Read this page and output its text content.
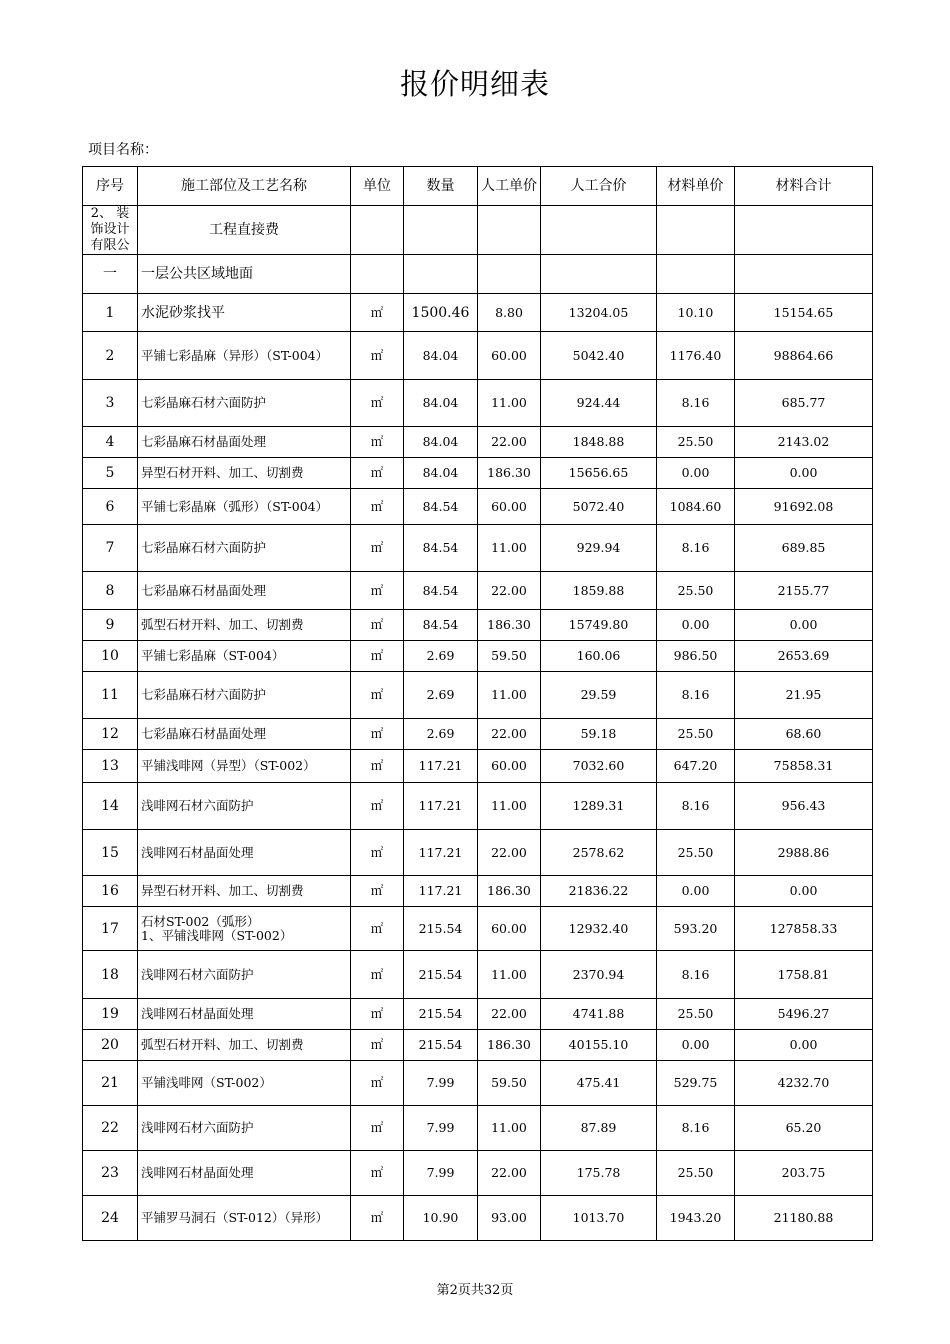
报价明细表
项目名称：
序号	施工部位及工艺名称	单位	数量	人工单价	人工合价	材料单价	材料合计
2、 装饰设计有限公	工程直接费						
一	一层公共区域地面						
1	水泥砂浆找平	㎡	1500.46	8.80	13204.05	10.10	15154.65
2	平铺七彩晶麻（异形）（ST-004）	㎡	84.04	60.00	5042.40	1176.40	98864.66
3	七彩晶麻石材六面防护	㎡	84.04	11.00	924.44	8.16	685.77
4	七彩晶麻石材晶面处理	㎡	84.04	22.00	1848.88	25.50	2143.02
5	异型石材开料、加工、切割费	㎡	84.04	186.30	15656.65	0.00	0.00
6	平铺七彩晶麻（弧形）（ST-004）	㎡	84.54	60.00	5072.40	1084.60	91692.08
7	七彩晶麻石材六面防护	㎡	84.54	11.00	929.94	8.16	689.85
8	七彩晶麻石材晶面处理	㎡	84.54	22.00	1859.88	25.50	2155.77
9	弧型石材开料、加工、切割费	㎡	84.54	186.30	15749.80	0.00	0.00
10	平铺七彩晶麻（ST-004）	㎡	2.69	59.50	160.06	986.50	2653.69
11	七彩晶麻石材六面防护	㎡	2.69	11.00	29.59	8.16	21.95
12	七彩晶麻石材晶面处理	㎡	2.69	22.00	59.18	25.50	68.60
13	平铺浅啡网（异型）（ST-002）	㎡	117.21	60.00	7032.60	647.20	75858.31
14	浅啡网石材六面防护	㎡	117.21	11.00	1289.31	8.16	956.43
15	浅啡网石材晶面处理	㎡	117.21	22.00	2578.62	25.50	2988.86
16	异型石材开料、加工、切割费	㎡	117.21	186.30	21836.22	0.00	0.00
17	石材ST-002（弧形）
1、平铺浅啡网（ST-002）	㎡	215.54	60.00	12932.40	593.20	127858.33
18	浅啡网石材六面防护	㎡	215.54	11.00	2370.94	8.16	1758.81
19	浅啡网石材晶面处理	㎡	215.54	22.00	4741.88	25.50	5496.27
20	弧型石材开料、加工、切割费	㎡	215.54	186.30	40155.10	0.00	0.00
21	平铺浅啡网（ST-002）	㎡	7.99	59.50	475.41	529.75	4232.70
22	浅啡网石材六面防护	㎡	7.99	11.00	87.89	8.16	65.20
23	浅啡网石材晶面处理	㎡	7.99	22.00	175.78	25.50	203.75
24	平铺罗马洞石（ST-012）（异形）	㎡	10.90	93.00	1013.70	1943.20	21180.88
第2页共32页
